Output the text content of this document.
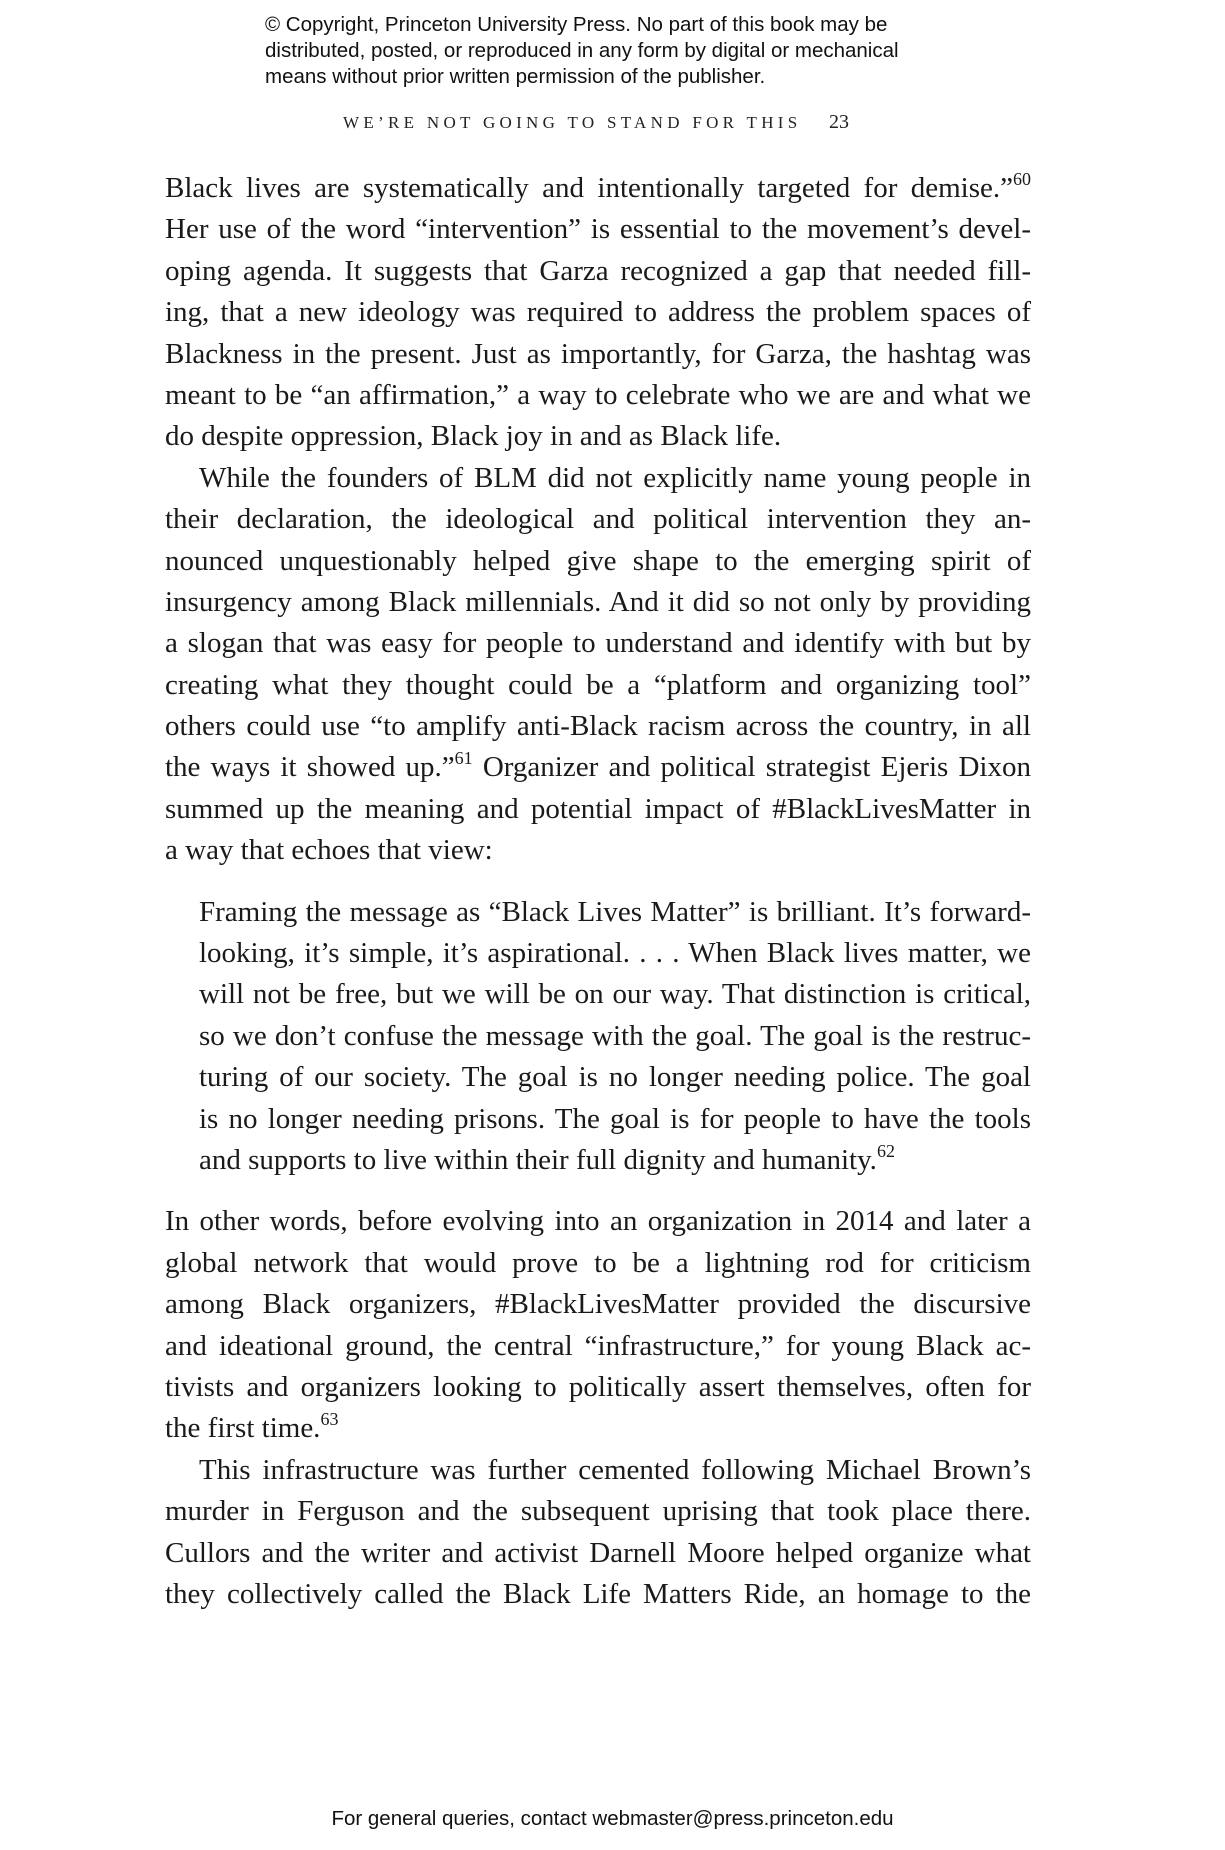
© Copyright, Princeton University Press. No part of this book may be
distributed, posted, or reproduced in any form by digital or mechanical
means without prior written permission of the publisher.
WE’RE NOT GOING TO STAND FOR THIS 23
Black lives are systematically and intentionally targeted for demise.”$^{60}$
Her use of the word “intervention” is essential to the movement’s devel-
oping agenda. It suggests that Garza recognized a gap that needed fill-
ing, that a new ideology was required to address the problem spaces of
Blackness in the present. Just as importantly, for Garza, the hashtag was
meant to be “an affirmation,” a way to celebrate who we are and what we
do despite oppression, Black joy in and as Black life.
While the founders of BLM did not explicitly name young people in
their declaration, the ideological and political intervention they an-
nounced unquestionably helped give shape to the emerging spirit of
insurgency among Black millennials. And it did so not only by providing
a slogan that was easy for people to understand and identify with but by
creating what they thought could be a “platform and organizing tool”
others could use “to amplify anti-Black racism across the country, in all
the ways it showed up.”$^{61}$ Organizer and political strategist Ejeris Dixon
summed up the meaning and potential impact of #BlackLivesMatter in
a way that echoes that view:
Framing the message as “Black Lives Matter” is brilliant. It’s forward-
looking, it’s simple, it’s aspirational. . . . When Black lives matter, we
will not be free, but we will be on our way. That distinction is critical,
so we don’t confuse the message with the goal. The goal is the restruc-
turing of our society. The goal is no longer needing police. The goal
is no longer needing prisons. The goal is for people to have the tools
and supports to live within their full dignity and humanity.$^{62}$
In other words, before evolving into an organization in 2014 and later a
global network that would prove to be a lightning rod for criticism
among Black organizers, #BlackLivesMatter provided the discursive
and ideational ground, the central “infrastructure,” for young Black ac-
tivists and organizers looking to politically assert themselves, often for
the first time.$^{63}$
This infrastructure was further cemented following Michael Brown’s
murder in Ferguson and the subsequent uprising that took place there.
Cullors and the writer and activist Darnell Moore helped organize what
they collectively called the Black Life Matters Ride, an homage to the
For general queries, contact webmaster@press.princeton.edu
